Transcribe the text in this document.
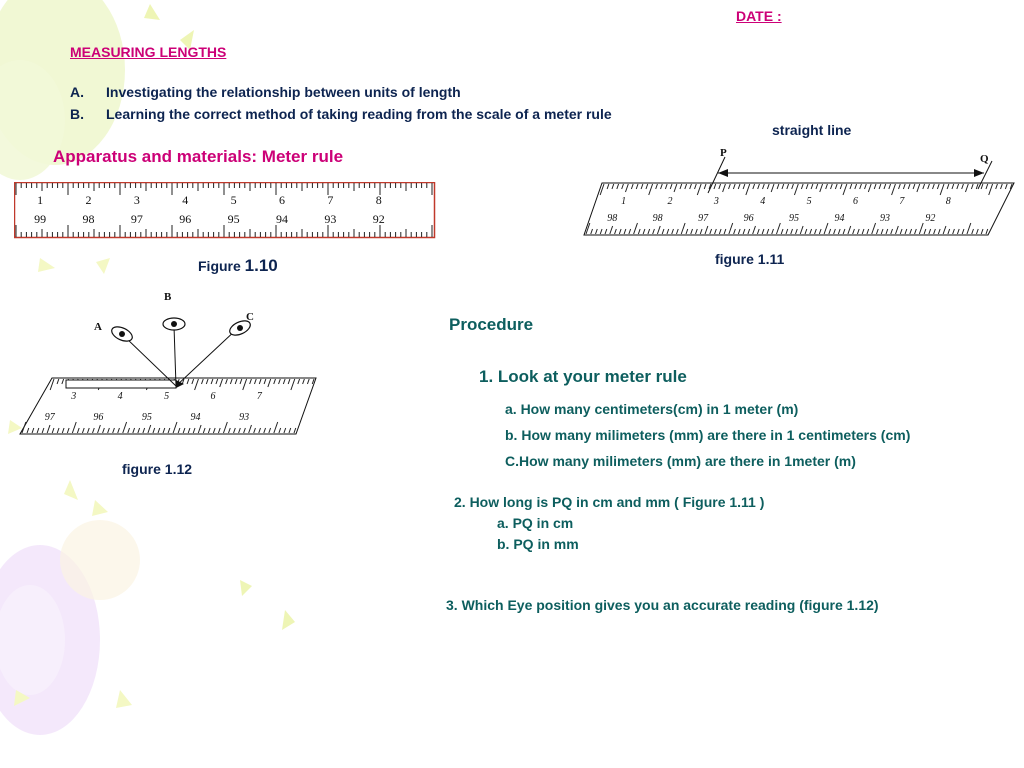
DATE :
MEASURING LENGTHS
A. Investigating the relationship between units of length
B. Learning the correct method of taking reading from the scale of a meter rule
Apparatus and materials: Meter rule
1	2	3	4	5	6	7	8
99	98	97	96	95	94	93	92
Figure 1.10
straight line
1	2	3	4	5	6	7	8
98	98	97	96	95	94	93	92
P	Q
figure 1.11
3	4	5	6	7
97	96	95	94	93
A
B
C
figure 1.12
Procedure
1. Look at your meter rule
a. How many centimeters(cm) in 1 meter (m)
b. How many milimeters (mm) are there in 1 centimeters (cm)
C.How many milimeters (mm) are there in 1meter (m)
2. How long is PQ in cm and mm ( Figure 1.11 )
a. PQ in cm
b. PQ in mm
3. Which Eye position gives you an accurate reading (figure 1.12)
